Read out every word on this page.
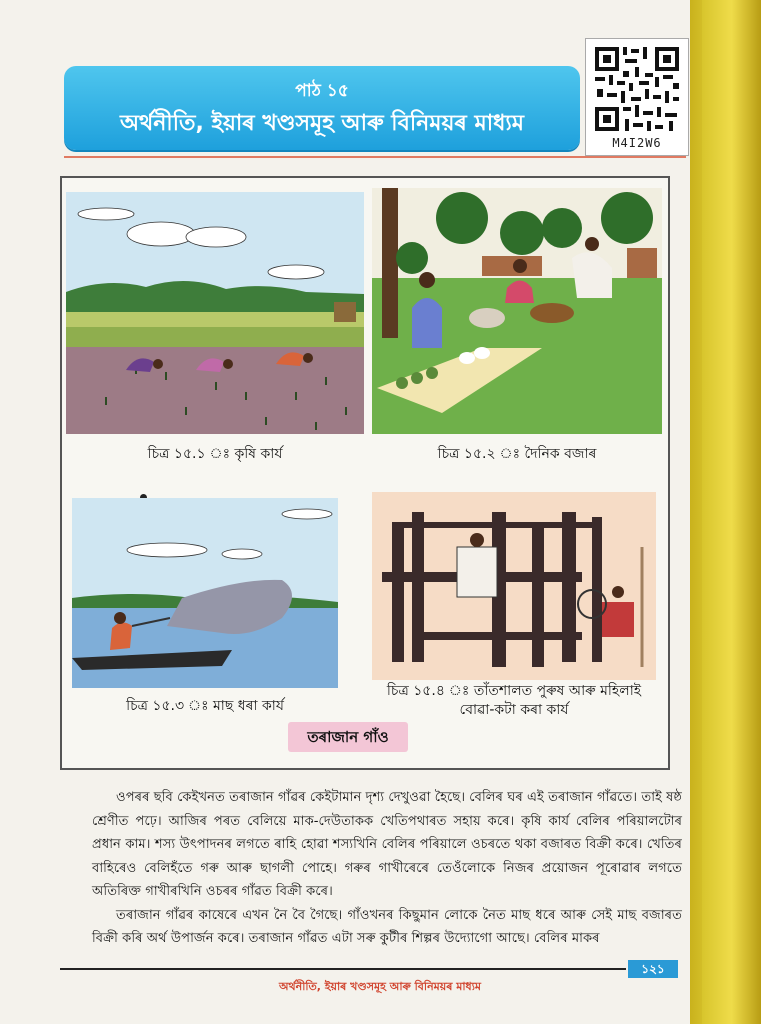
পাঠ ১৫
অৰ্থনীতি, ইয়াৰ খণ্ডসমূহ আৰু বিনিময়ৰ মাধ্যম
M4I2W6
চিত্ৰ ১৫.১ ঃ কৃষি কাৰ্য	চিত্ৰ ১৫.২ ঃ দৈনিক বজাৰ
চিত্ৰ ১৫.৩ ঃ মাছ ধৰা কাৰ্য
চিত্ৰ ১৫.৪ ঃ তাঁতশালত পুৰুষ আৰু মহিলাই
বোৱা-কটা কৰা কাৰ্য
তৰাজান গাঁও

ওপৰৰ ছবি কেইখনত তৰাজান গাঁৱৰ কেইটামান দৃশ্য দেখুওৱা হৈছে। বেলিৰ ঘৰ এই তৰাজান গাঁৱতে। তাই ষষ্ঠ শ্ৰেণীত পঢ়ে। আজিৰ পৰত বেলিয়ে মাক-দেউতাকক খেতিপথাৰত সহায় কৰে। কৃষি কাৰ্য বেলিৰ পৰিয়ালটোৰ প্ৰধান কাম। শস্য উৎপাদনৰ লগতে ৰাহি হোৱা শস্যখিনি বেলিৰ পৰিয়ালে ওচৰতে থকা বজাৰত বিক্ৰী কৰে। খেতিৰ বাহিৰেও বেলিহঁতে গৰু আৰু ছাগলী পোহে। গৰুৰ গাখীৰেৰে তেওঁলোকে নিজৰ প্ৰয়োজন পূৰোৱাৰ লগতে অতিৰিক্ত গাখীৰখিনি ওচৰৰ গাঁৱত বিক্ৰী কৰে।

তৰাজান গাঁৱৰ কাষেৰে এখন নৈ বৈ গৈছে। গাঁওখনৰ কিছুমান লোকে নৈত মাছ ধৰে আৰু সেই মাছ বজাৰত বিক্ৰী কৰি অৰ্থ উপাৰ্জন কৰে। তৰাজান গাঁৱত এটা সৰু কুটীৰ শিল্পৰ উদ্যোগো আছে। বেলিৰ মাকৰ

১২১
অৰ্থনীতি, ইয়াৰ খণ্ডসমূহ আৰু বিনিময়ৰ মাধ্যম
